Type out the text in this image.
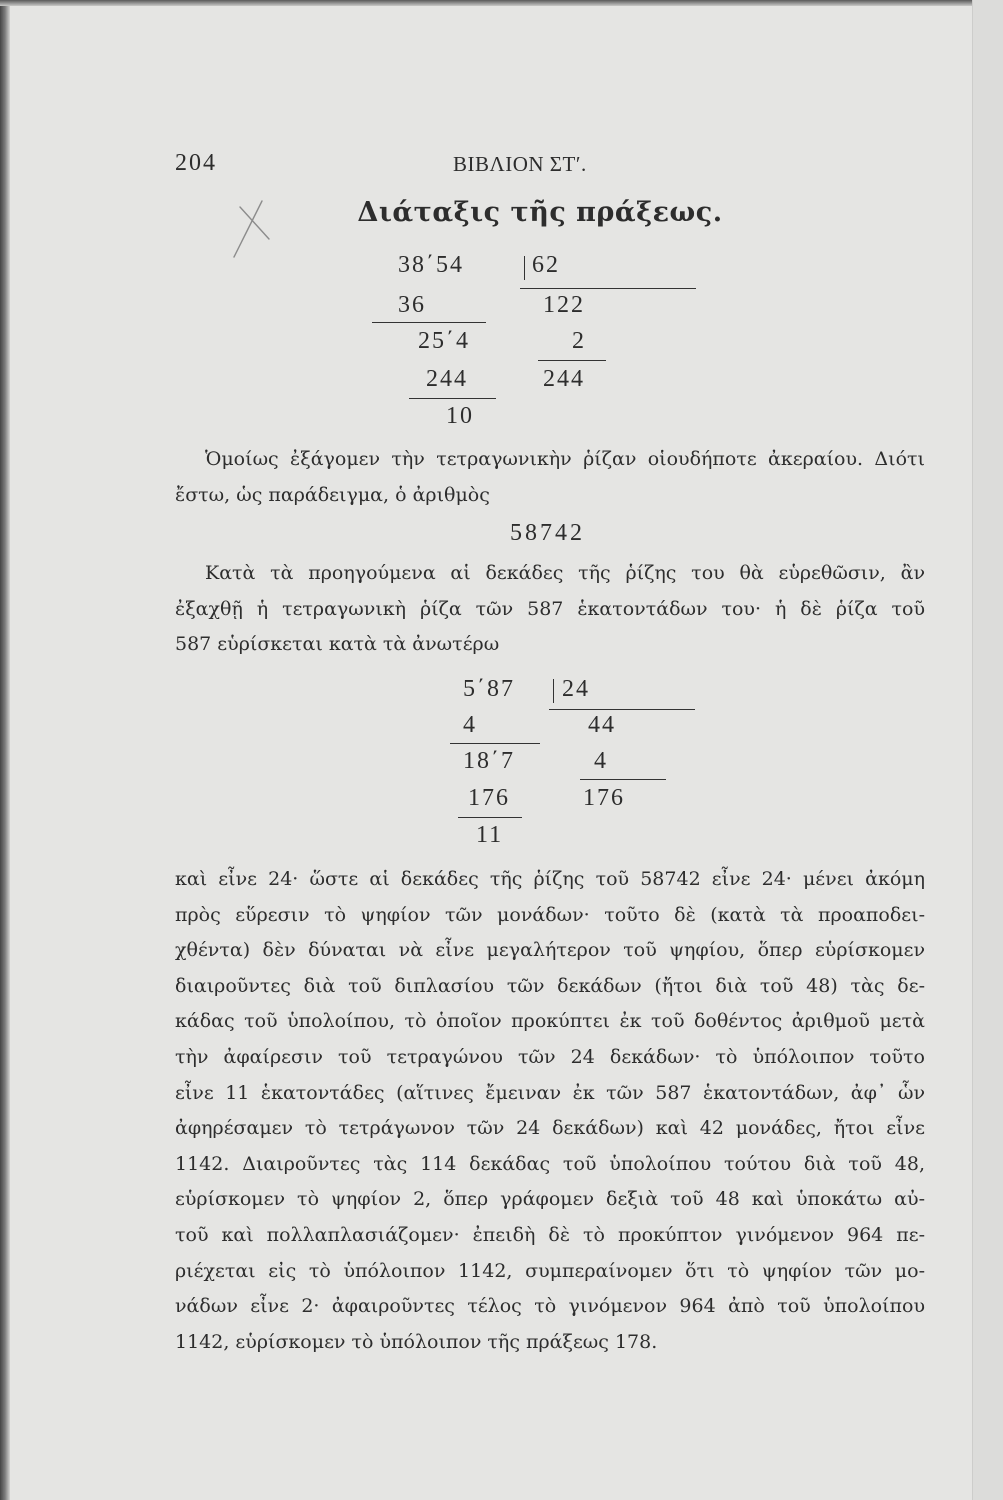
204	ΒΙΒΛΙΟΝ ΣΤʹ.
Διάταξις τῆς πράξεως.
38΄54
36
25΄4
244
10
62
122
2
244
Ὁμοίως ἐξάγομεν τὴν τετραγωνικὴν ῥίζαν οἱουδήποτε ἀκεραίου. Διότι
ἔστω, ὡς παράδειγμα, ὁ ἀριθμὸς
58742
Κατὰ τὰ προηγούμενα αἱ δεκάδες τῆς ῥίζης του θὰ εὑρεθῶσιν, ἂν
ἐξαχθῇ ἡ τετραγωνικὴ ῥίζα τῶν 587 ἑκατοντάδων του· ἡ δὲ ῥίζα τοῦ
587 εὑρίσκεται κατὰ τὰ ἀνωτέρω
5΄87
4
18΄7
176
11
24
44
4
176
καὶ εἶνε 24· ὥστε αἱ δεκάδες τῆς ῥίζης τοῦ 58742 εἶνε 24· μένει ἀκόμη
πρὸς εὕρεσιν τὸ ψηφίον τῶν μονάδων· τοῦτο δὲ (κατὰ τὰ προαποδει-
χθέντα) δὲν δύναται νὰ εἶνε μεγαλήτερον τοῦ ψηφίου, ὅπερ εὑρίσκομεν
διαιροῦντες διὰ τοῦ διπλασίου τῶν δεκάδων (ἤτοι διὰ τοῦ 48) τὰς δε-
κάδας τοῦ ὑπολοίπου, τὸ ὁποῖον προκύπτει ἐκ τοῦ δοθέντος ἀριθμοῦ μετὰ
τὴν ἀφαίρεσιν τοῦ τετραγώνου τῶν 24 δεκάδων· τὸ ὑπόλοιπον τοῦτο
εἶνε 11 ἑκατοντάδες (αἵτινες ἔμειναν ἐκ τῶν 587 ἑκατοντάδων, ἀφ᾿ ὧν
ἀφηρέσαμεν τὸ τετράγωνον τῶν 24 δεκάδων) καὶ 42 μονάδες, ἤτοι εἶνε
1142. Διαιροῦντες τὰς 114 δεκάδας τοῦ ὑπολοίπου τούτου διὰ τοῦ 48,
εὑρίσκομεν τὸ ψηφίον 2, ὅπερ γράφομεν δεξιὰ τοῦ 48 καὶ ὑποκάτω αὐ-
τοῦ καὶ πολλαπλασιάζομεν· ἐπειδὴ δὲ τὸ προκύπτον γινόμενον 964 πε-
ριέχεται εἰς τὸ ὑπόλοιπον 1142, συμπεραίνομεν ὅτι τὸ ψηφίον τῶν μο-
νάδων εἶνε 2· ἀφαιροῦντες τέλος τὸ γινόμενον 964 ἀπὸ τοῦ ὑπολοίπου
1142, εὑρίσκομεν τὸ ὑπόλοιπον τῆς πράξεως 178.
